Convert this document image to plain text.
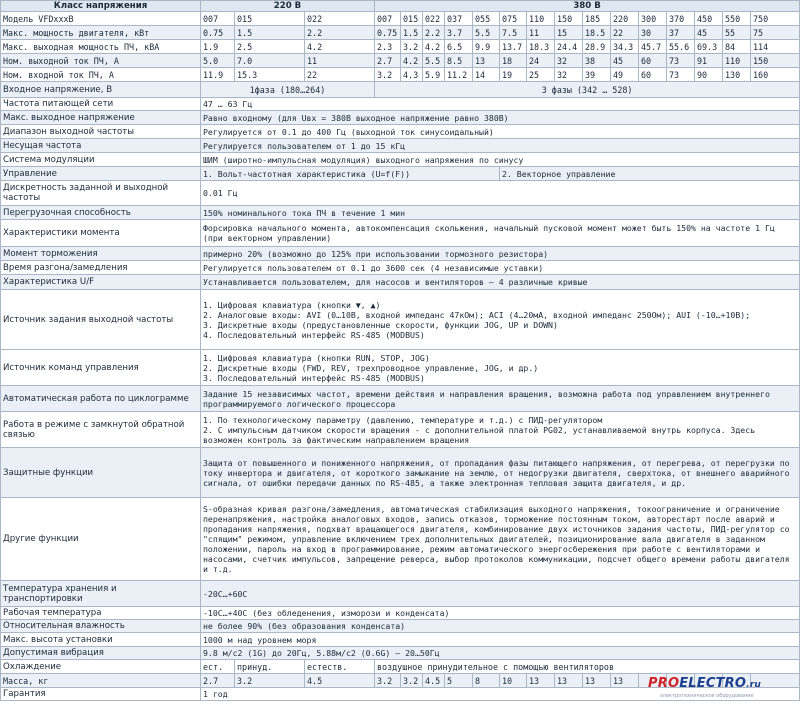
Класс напряжения	220 В			380 В														
Модель VFDxxxB	007	015	022	007	015	022	037	055	075	110	150	185	220	300	370	450	550	750
Макс. мощность двигателя, кВт	0.75	1.5	2.2	0.75	1.5	2.2	3.7	5.5	7.5	11	15	18.5	22	30	37	45	55	75
Макс. выходная мощность ПЧ, кВА	1.9	2.5	4.2	2.3	3.2	4.2	6.5	9.9	13.7	18.3	24.4	28.9	34.3	45.7	55.6	69.3	84	114
Ном. выходной ток ПЧ, А	5.0	7.0	11	2.7	4.2	5.5	8.5	13	18	24	32	38	45	60	73	91	110	150
Ном. входной ток ПЧ, А	11.9	15.3	22	3.2	4.3	5.9	11.2	14	19	25	32	39	49	60	73	90	130	160
Входное напряжение, В	1фаза (180…264)			3 фазы (342 … 528)														
Частота питающей сети	47 … 63 Гц																	
Макс. выходное напряжение	Равно входному (для Uвх = 380В выходное напряжение равно 380В)																	
Диапазон выходной частоты	Регулируется от 0.1 до 400 Гц (выходной ток синусоидальный)																	
Несущая частота	Регулируется пользователем от 1 до 15 кГц																	
Система модуляции	ШИМ (широтно-импульсная модуляция) выходного напряжения по синусу																	
Управление	1. Вольт-частотная характеристика (U=f(F))								2. Векторное управление									
Дискретность заданной и выходной частоты	0.01 Гц																	
Перегрузочная способность	150% номинального тока ПЧ в течение 1 мин																	
Характеристики момента	Форсировка начального момента, автокомпенсация скольжения, начальный пусковой момент может быть 150% на частоте 1 Гц (при векторном управлении)																	
Момент торможения	примерно 20% (возможно до 125% при использовании тормозного резистора)																	
Время разгона/замедления	Регулируется пользователем от 0.1 до 3600 сек (4 независимые уставки)																	
Характеристика U/F	Устанавливается пользователем, для насосов и вентиляторов – 4 различные кривые																	
Источник задания выходной частоты	1. Цифровая клавиатура (кнопки ▼, ▲)
2. Аналоговые входы: AVI (0…10В, входной импеданс 47кОм); ACI (4…20мА, входной импеданс 250Ом); AUI (-10…+10В);
3. Дискретные входы (предустановленные скорости, функции JOG, UP и DOWN)
4. Последовательный интерфейс RS-485 (MODBUS)																	

Источник команд управления	1. Цифровая клавиатура (кнопки RUN, STOP, JOG)
2. Дискретные входы (FWD, REV, трехпроводное управление, JOG, и др.)
3. Последовательный интерфейс RS-485 (MODBUS)																	

Автоматическая работа по циклограмме	Задание 15 независимых частот, времени действия и направления вращения, возможна работа под управлением внутреннего программируемого логического процессора																	
Работа в режиме с замкнутой обратной связью	1. По технологическому параметру (давлению, температуре и т.д.) с ПИД-регулятором
2. С импульсным датчиком скорости вращения - с дополнительной платой PG02, устанавливаемой внутрь корпуса. Здесь возможен контроль за фактическим направлением вращения																	

Защитные функции	Защита от повышенного и пониженного напряжения, от пропадания фазы питающего напряжения, от перегрева, от перегрузки по току инвертора и двигателя, от короткого замыкание на землю, от недогрузки двигателя, сверхтока, от внешнего аварийного сигнала, от ошибки передачи данных по RS-485, а также электронная тепловая защита двигателя, и др.																	
Другие функции	S-образная кривая разгона/замедления, автоматическая стабилизация выходного напряжения, токоограничение и ограничение перенапряжения, настройка аналоговых входов, запись отказов, торможение постоянным током, авторестарт после аварий и пропадания напряжения, подхват вращающегося двигателя, комбинирование двух источников задания частоты, ПИД-регулятор со "спящим" режимом, управление включением трех дополнительных двигателей, позиционирование вала двигателя в заданном положении, пароль на вход в программирование, режим автоматического энергосбережения при работе с вентиляторами и насосами, счетчик импульсов, запрещение реверса, выбор протоколов коммуникации, подсчет общего времени работы двигателя и т.д.																	
Температура хранения и транспортировки	-20С…+60С																	
Рабочая температура	-10С…+40С (без обледенения, изморози и конденсата)																	
Относительная влажность	не более 90% (без образования конденсата)																	
Макс. высота установки	1000 м над уровнем моря																	
Допустимая вибрация	9.8 м/с2 (1G) до 20Гц, 5.88м/с2 (0.6G) – 20…50Гц																	
Охлаждение	ест.	принуд.	естеств.	воздушное принудительное с помощью вентиляторов														
Масса, кг	2.7	3.2	4.5	3.2	3.2	4.5	5	8	10	13	13	13	13					
Гарантия	1 год																	
PROELECTRO.ru
электротехническое оборудование
